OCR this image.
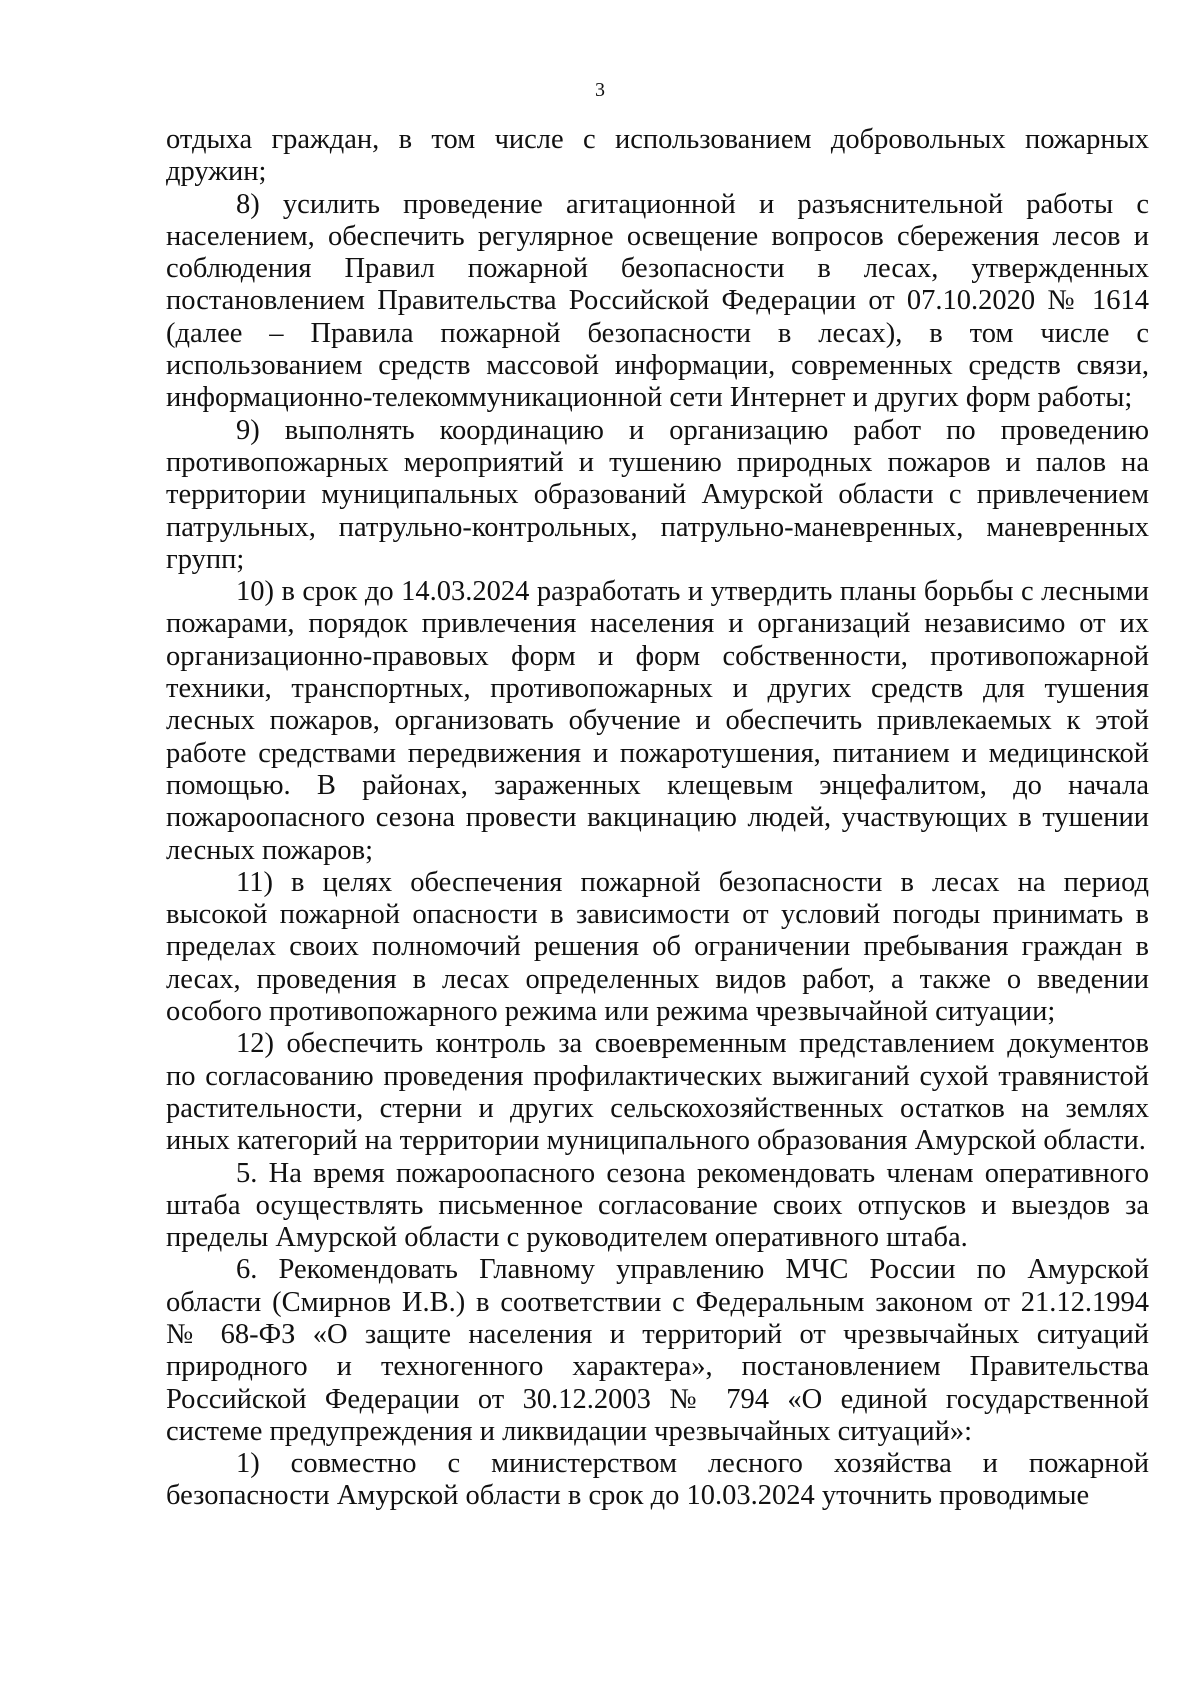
3

отдыха граждан, в том числе с использованием добровольных пожарных дружин;

8) усилить проведение агитационной и разъяснительной работы с населением, обеспечить регулярное освещение вопросов сбережения лесов и соблюдения Правил пожарной безопасности в лесах, утвержденных постановлением Правительства Российской Федерации от 07.10.2020 № 1614 (далее – Правила пожарной безопасности в лесах), в том числе с использованием средств массовой информации, современных средств связи, информационно-телекоммуникационной сети Интернет и других форм работы;

9) выполнять координацию и организацию работ по проведению противопожарных мероприятий и тушению природных пожаров и палов на территории муниципальных образований Амурской области с привлечением патрульных, патрульно-контрольных, патрульно-маневренных, маневренных групп;

10) в срок до 14.03.2024 разработать и утвердить планы борьбы с лесными пожарами, порядок привлечения населения и организаций независимо от их организационно-правовых форм и форм собственности, противопожарной техники, транспортных, противопожарных и других средств для тушения лесных пожаров, организовать обучение и обеспечить привлекаемых к этой работе средствами передвижения и пожаротушения, питанием и медицинской помощью. В районах, зараженных клещевым энцефалитом, до начала пожароопасного сезона провести вакцинацию людей, участвующих в тушении лесных пожаров;

11) в целях обеспечения пожарной безопасности в лесах на период высокой пожарной опасности в зависимости от условий погоды принимать в пределах своих полномочий решения об ограничении пребывания граждан в лесах, проведения в лесах определенных видов работ, а также о введении особого противопожарного режима или режима чрезвычайной ситуации;

12) обеспечить контроль за своевременным представлением документов по согласованию проведения профилактических выжиганий сухой травянистой растительности, стерни и других сельскохозяйственных остатков на землях иных категорий на территории муниципального образования Амурской области.

5. На время пожароопасного сезона рекомендовать членам оперативного штаба осуществлять письменное согласование своих отпусков и выездов за пределы Амурской области с руководителем оперативного штаба.

6. Рекомендовать Главному управлению МЧС России по Амурской области (Смирнов И.В.) в соответствии с Федеральным законом от 21.12.1994 № 68-ФЗ «О защите населения и территорий от чрезвычайных ситуаций природного и техногенного характера», постановлением Правительства Российской Федерации от 30.12.2003 № 794 «О единой государственной системе предупреждения и ликвидации чрезвычайных ситуаций»:

1) совместно с министерством лесного хозяйства и пожарной безопасности Амурской области в срок до 10.03.2024 уточнить проводимые
